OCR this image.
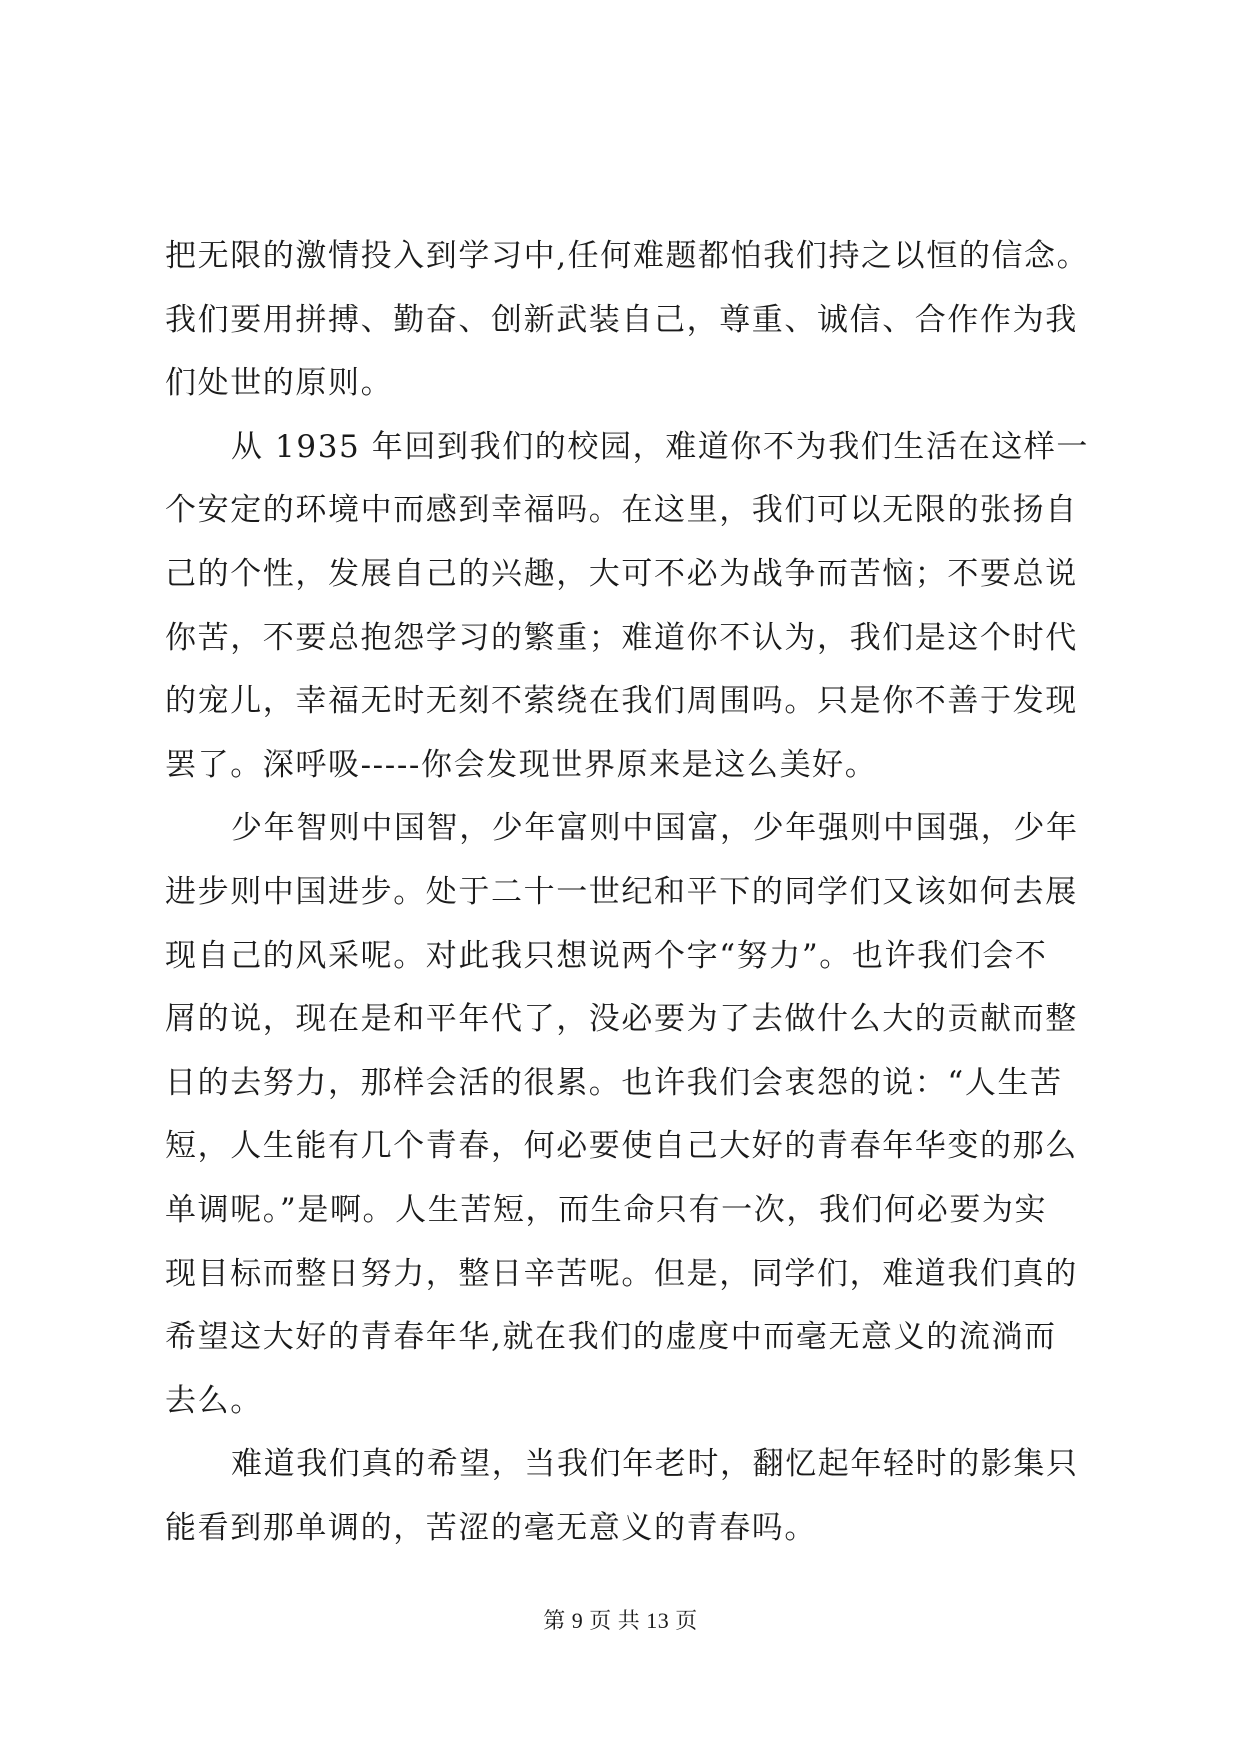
把无限的激情投入到学习中,任何难题都怕我们持之以恒的信念。
我们要用拼搏、勤奋、创新武装自己，尊重、诚信、合作作为我
们处世的原则。
从 1935 年回到我们的校园，难道你不为我们生活在这样一
个安定的环境中而感到幸福吗。在这里，我们可以无限的张扬自
己的个性，发展自己的兴趣，大可不必为战争而苦恼；不要总说
你苦，不要总抱怨学习的繁重；难道你不认为，我们是这个时代
的宠儿，幸福无时无刻不萦绕在我们周围吗。只是你不善于发现
罢了。深呼吸-----你会发现世界原来是这么美好。
少年智则中国智，少年富则中国富，少年强则中国强，少年
进步则中国进步。处于二十一世纪和平下的同学们又该如何去展
现自己的风采呢。对此我只想说两个字“努力”。也许我们会不
屑的说，现在是和平年代了，没必要为了去做什么大的贡献而整
日的去努力，那样会活的很累。也许我们会衷怨的说：“人生苦
短，人生能有几个青春，何必要使自己大好的青春年华变的那么
单调呢。”是啊。人生苦短，而生命只有一次，我们何必要为实
现目标而整日努力，整日辛苦呢。但是，同学们，难道我们真的
希望这大好的青春年华,就在我们的虚度中而毫无意义的流淌而
去么。
难道我们真的希望，当我们年老时，翻忆起年轻时的影集只
能看到那单调的，苦涩的毫无意义的青春吗。
第 9 页 共 13 页
